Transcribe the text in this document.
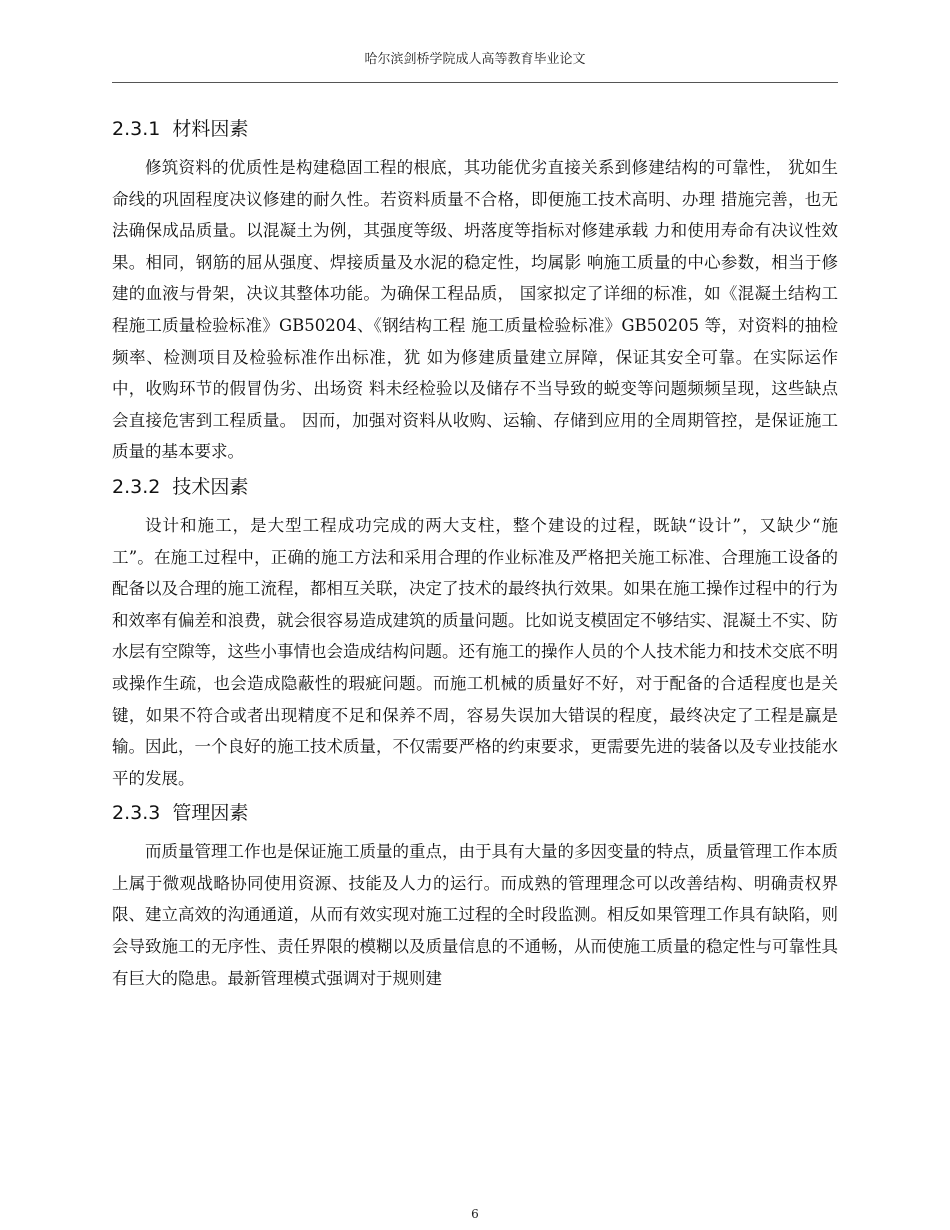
哈尔滨剑桥学院成人高等教育毕业论文
2.3.1 材料因素

修筑资料的优质性是构建稳固工程的根底，其功能优劣直接关系到修建结构的可靠性， 犹如生命线的巩固程度决议修建的耐久性。若资料质量不合格，即便施工技术高明、办理 措施完善，也无法确保成品质量。以混凝土为例，其强度等级、坍落度等指标对修建承载 力和使用寿命有决议性效果。相同，钢筋的屈从强度、焊接质量及水泥的稳定性，均属影 响施工质量的中心参数，相当于修建的血液与骨架，决议其整体功能。为确保工程品质， 国家拟定了详细的标准，如《混凝土结构工程施工质量检验标准》GB50204、《钢结构工程 施工质量检验标准》GB50205 等，对资料的抽检频率、检测项目及检验标准作出标准，犹 如为修建质量建立屏障，保证其安全可靠。在实际运作中，收购环节的假冒伪劣、出场资 料未经检验以及储存不当导致的蜕变等问题频频呈现，这些缺点会直接危害到工程质量。 因而，加强对资料从收购、运输、存储到应用的全周期管控，是保证施工质量的基本要求。

2.3.2 技术因素

设计和施工，是大型工程成功完成的两大支柱，整个建设的过程，既缺“设计”，又缺少“施工”。在施工过程中，正确的施工方法和采用合理的作业标准及严格把关施工标准、合理施工设备的配备以及合理的施工流程，都相互关联，决定了技术的最终执行效果。如果在施工操作过程中的行为和效率有偏差和浪费，就会很容易造成建筑的质量问题。比如说支模固定不够结实、混凝土不实、防水层有空隙等，这些小事情也会造成结构问题。还有施工的操作人员的个人技术能力和技术交底不明或操作生疏，也会造成隐蔽性的瑕疵问题。而施工机械的质量好不好，对于配备的合适程度也是关键，如果不符合或者出现精度不足和保养不周，容易失误加大错误的程度，最终决定了工程是赢是输。因此，一个良好的施工技术质量，不仅需要严格的约束要求，更需要先进的装备以及专业技能水平的发展。

2.3.3 管理因素

而质量管理工作也是保证施工质量的重点，由于具有大量的多因变量的特点，质量管理工作本质上属于微观战略协同使用资源、技能及人力的运行。而成熟的管理理念可以改善结构、明确责权界限、建立高效的沟通通道，从而有效实现对施工过程的全时段监测。相反如果管理工作具有缺陷，则会导致施工的无序性、责任界限的模糊以及质量信息的不通畅，从而使施工质量的稳定性与可靠性具有巨大的隐患。最新管理模式强调对于规则建

6
